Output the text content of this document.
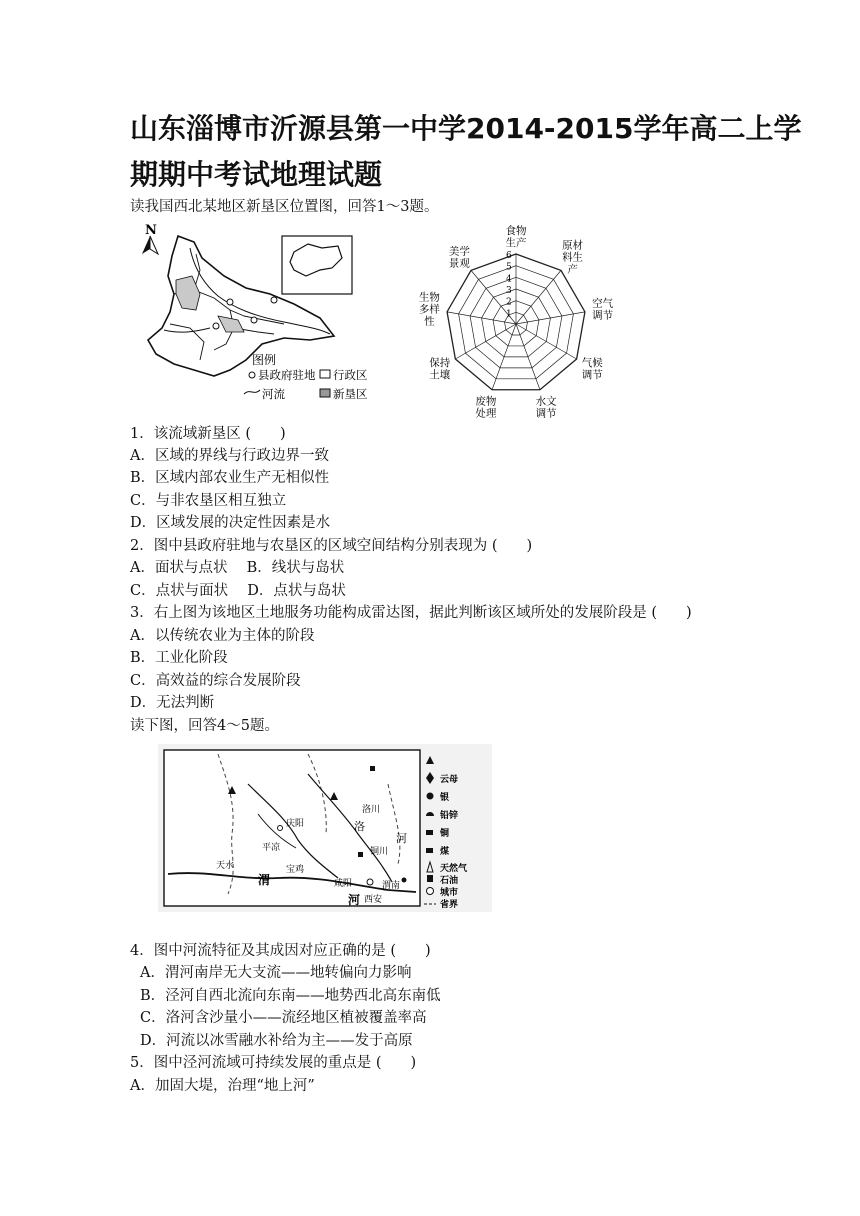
山东淄博市沂源县第一中学2014-2015学年高二上学
期期中考试地理试题
读我国西北某地区新垦区位置图，回答1～3题。
N
图例
县政府驻地 行政区
河流	新垦区
6
5
4
3
2
1
食物生产	原材料生产
空气调节
气候调节
水文调节
废物处理
保持土壤
生物多样性
美学景观
1．该流域新垦区 (　　)
A．区域的界线与行政边界一致
B．区域内部农业生产无相似性
C．与非农垦区相互独立
D．区域发展的决定性因素是水
2．图中县政府驻地与农垦区的区域空间结构分别表现为 (　　)
A．面状与点状　 B．线状与岛状
C．点状与面状　 D．点状与岛状
3．右上图为该地区土地服务功能构成雷达图，据此判断该区域所处的发展阶段是 (　　)
A．以传统农业为主体的阶段
B．工业化阶段
C．高效益的综合发展阶段
D．无法判断
读下图，回答4～5题。
庆阳
平凉
洛川
铜川
天水	宝鸡
咸阳
西安
渭南
渭
河
洛
河
云母
银
铅锌
铜
煤
天然气
石油
城市
省界
4．图中河流特征及其成因对应正确的是 (　　)
A．渭河南岸无大支流——地转偏向力影响
B．泾河自西北流向东南——地势西北高东南低
C．洛河含沙量小——流经地区植被覆盖率高
D．河流以冰雪融水补给为主——发于高原
5．图中泾河流域可持续发展的重点是 (　　)
A．加固大堤，治理“地上河”
